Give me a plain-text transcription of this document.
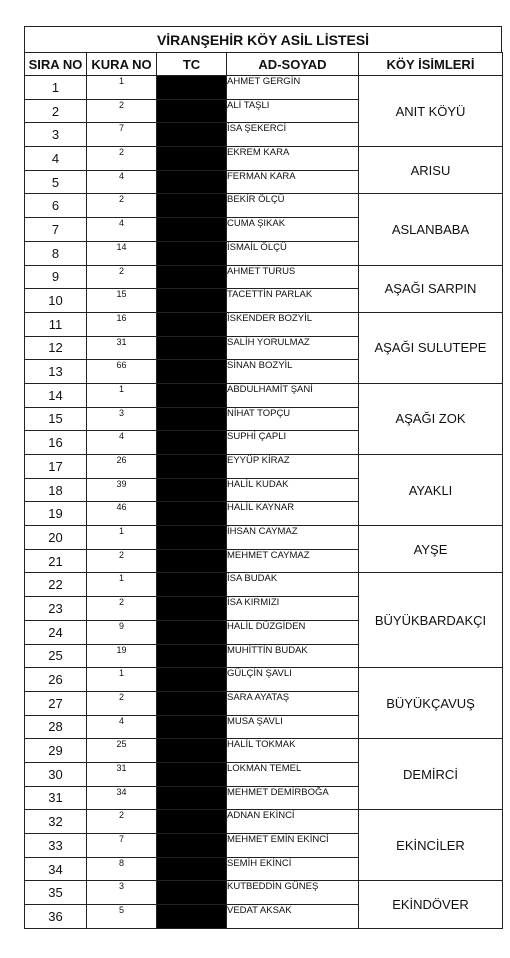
VİRANŞEHİR KÖY ASİL LİSTESİ
SIRA NO	KURA NO	TC	AD-SOYAD	KÖY İSİMLERİ
1	1		AHMET GERGİN	ANIT KÖYÜ
2	2		ALİ TAŞLI	
3	7		İSA ŞEKERCİ	
4	2		EKREM KARA	ARISU
5	4		FERMAN KARA	
6	2		BEKİR ÖLÇÜ	ASLANBABA
7	4		CUMA ŞIKAK	
8	14		İSMAİL ÖLÇÜ	
9	2		AHMET TURUS	AŞAĞI SARPIN
10	15		TACETTİN PARLAK	
11	16		İSKENDER BOZYİL	AŞAĞI SULUTEPE
12	31		SALİH YORULMAZ	
13	66		SİNAN BOZYİL	
14	1		ABDULHAMİT ŞANİ	AŞAĞI ZOK
15	3		NİHAT TOPÇU	
16	4		SUPHİ ÇAPLI	
17	26		EYYÜP KİRAZ	AYAKLI
18	39		HALİL KUDAK	
19	46		HALİL KAYNAR	
20	1		İHSAN CAYMAZ	AYŞE
21	2		MEHMET CAYMAZ	
22	1		İSA BUDAK	BÜYÜKBARDAKÇI
23	2		İSA KIRMIZI	
24	9		HALİL DÜZGİDEN	
25	19		MUHİTTİN BUDAK	
26	1		GÜLÇİN ŞAVLI	BÜYÜKÇAVUŞ
27	2		SARA AYATAŞ	
28	4		MUSA ŞAVLI	
29	25		HALİL TOKMAK	DEMİRCİ
30	31		LOKMAN TEMEL	
31	34		MEHMET DEMİRBOĞA	
32	2		ADNAN EKİNCİ	EKİNCİLER
33	7		MEHMET EMİN EKİNCİ	
34	8		SEMİH EKİNCİ	
35	3		KUTBEDDİN GÜNEŞ	EKİNDÖVER
36	5		VEDAT AKSAK	
